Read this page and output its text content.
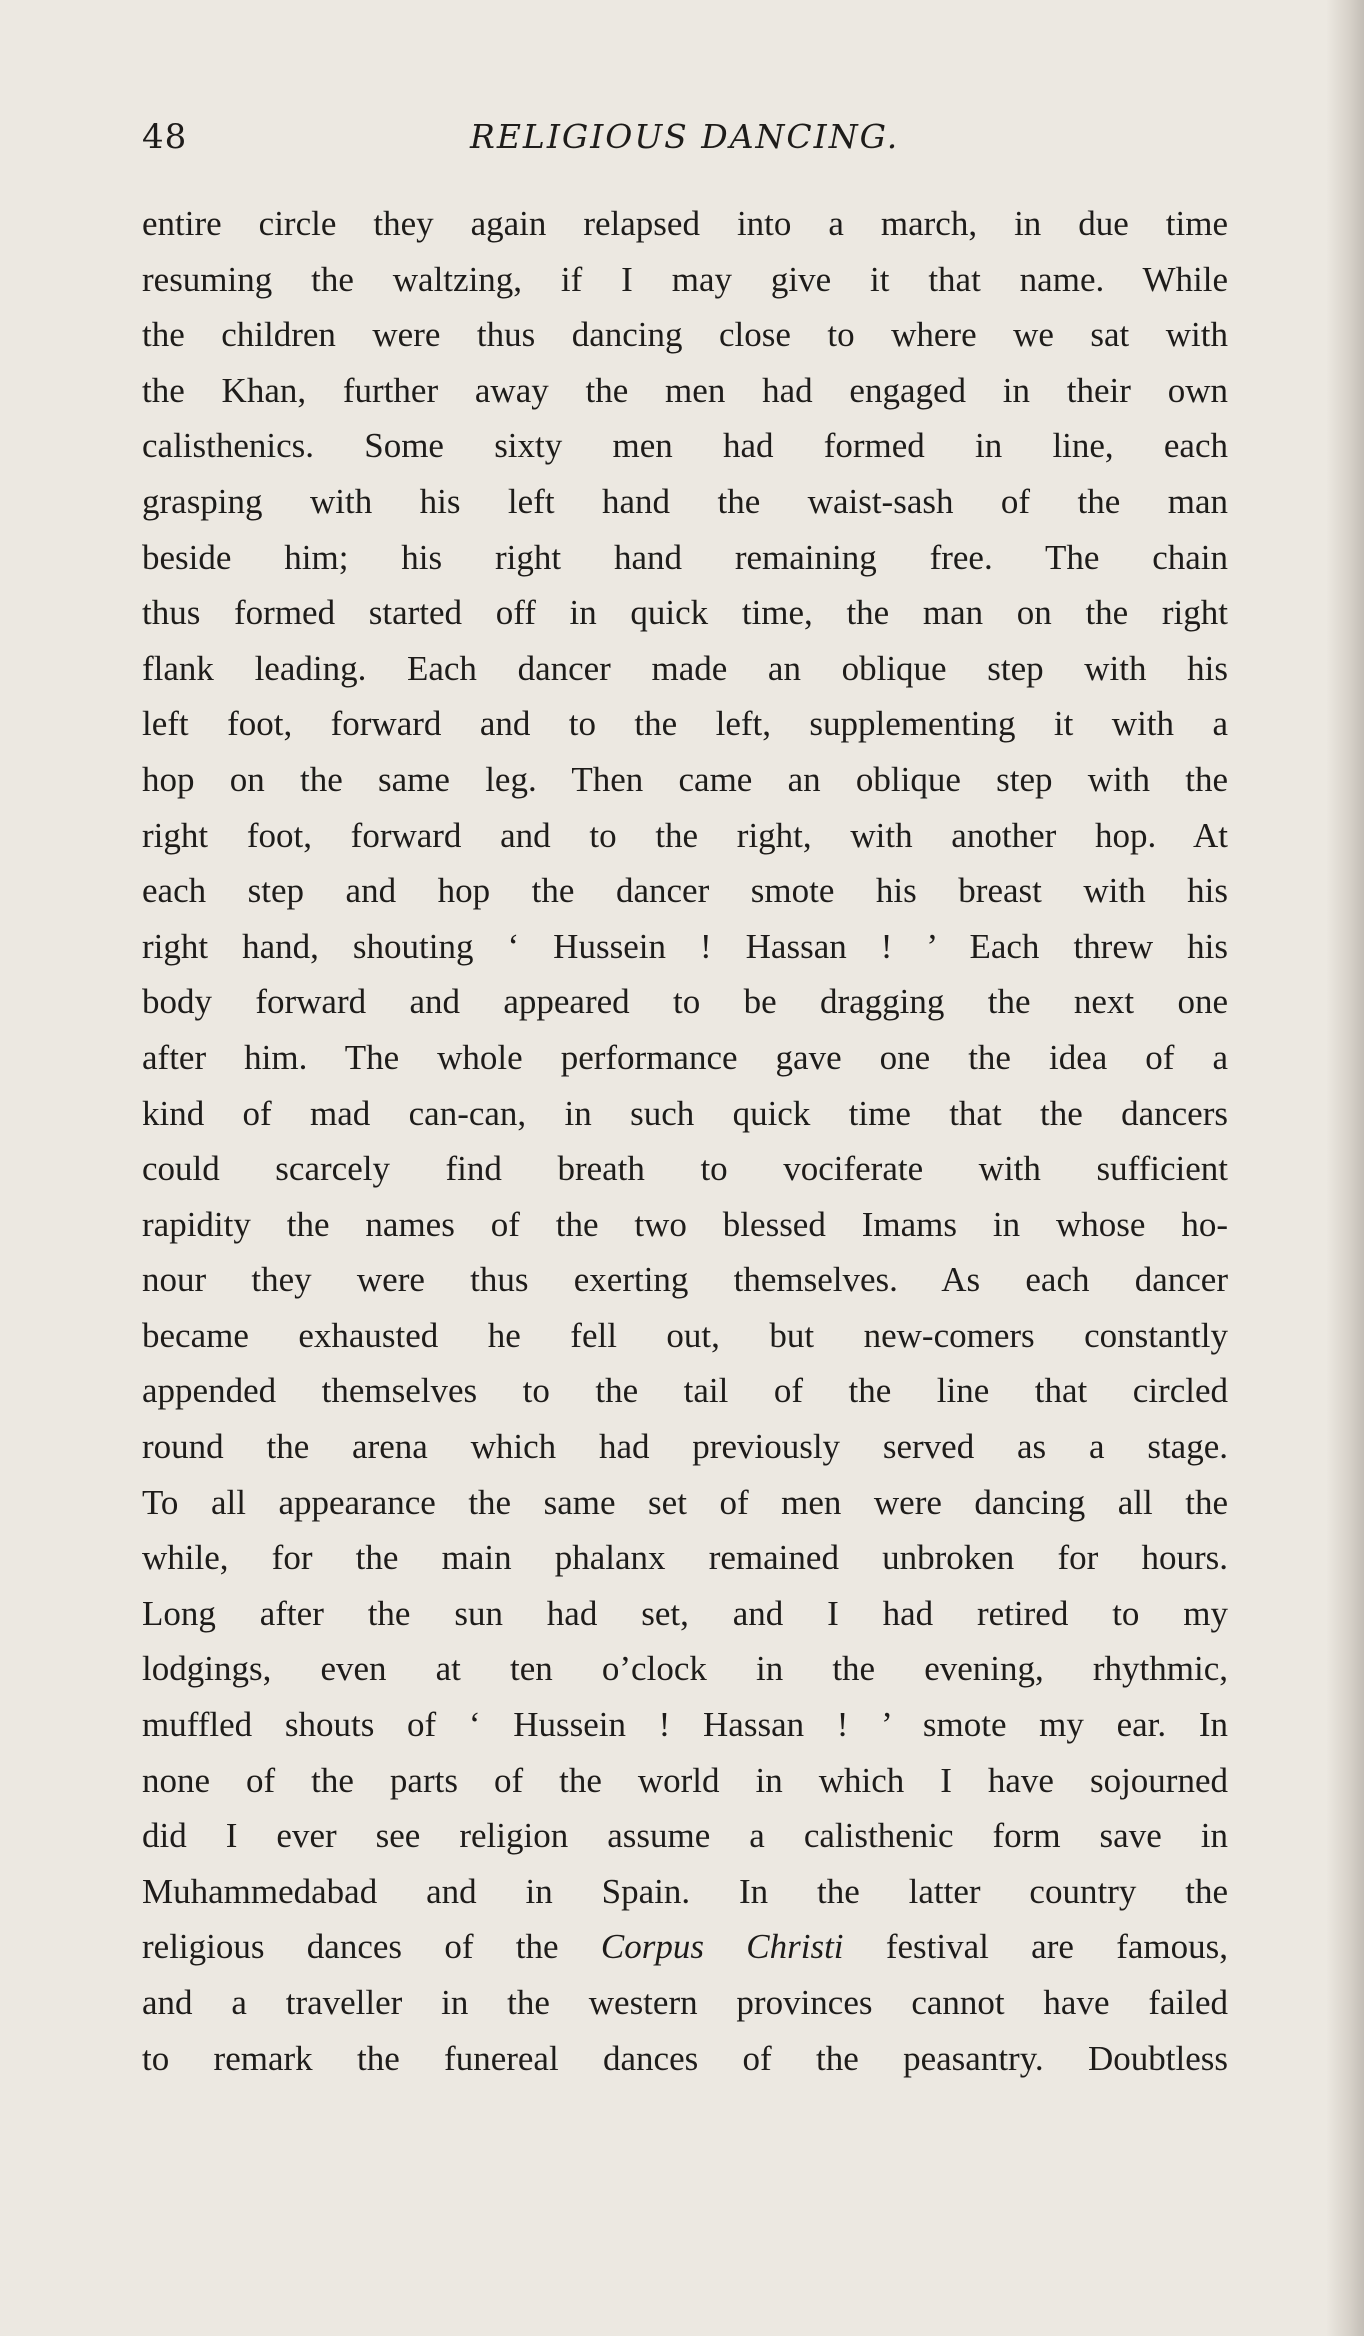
48	RELIGIOUS DANCING.
entire circle they again relapsed into a march, in due time
resuming the waltzing, if I may give it that name. While
the children were thus dancing close to where we sat with
the Khan, further away the men had engaged in their own
calisthenics. Some sixty men had formed in line, each
grasping with his left hand the waist-sash of the man
beside him; his right hand remaining free. The chain
thus formed started off in quick time, the man on the right
flank leading. Each dancer made an oblique step with his
left foot, forward and to the left, supplementing it with a
hop on the same leg. Then came an oblique step with the
right foot, forward and to the right, with another hop. At
each step and hop the dancer smote his breast with his
right hand, shouting ‘ Hussein ! Hassan ! ’ Each threw his
body forward and appeared to be dragging the next one
after him. The whole performance gave one the idea of a
kind of mad can-can, in such quick time that the dancers
could scarcely find breath to vociferate with sufficient
rapidity the names of the two blessed Imams in whose ho-
nour they were thus exerting themselves. As each dancer
became exhausted he fell out, but new-comers constantly
appended themselves to the tail of the line that circled
round the arena which had previously served as a stage.
To all appearance the same set of men were dancing all the
while, for the main phalanx remained unbroken for hours.
Long after the sun had set, and I had retired to my
lodgings, even at ten o’clock in the evening, rhythmic,
muffled shouts of ‘ Hussein ! Hassan ! ’ smote my ear. In
none of the parts of the world in which I have sojourned
did I ever see religion assume a calisthenic form save in
Muhammedabad and in Spain. In the latter country the
religious dances of the Corpus Christi festival are famous,
and a traveller in the western provinces cannot have failed
to remark the funereal dances of the peasantry. Doubtless
